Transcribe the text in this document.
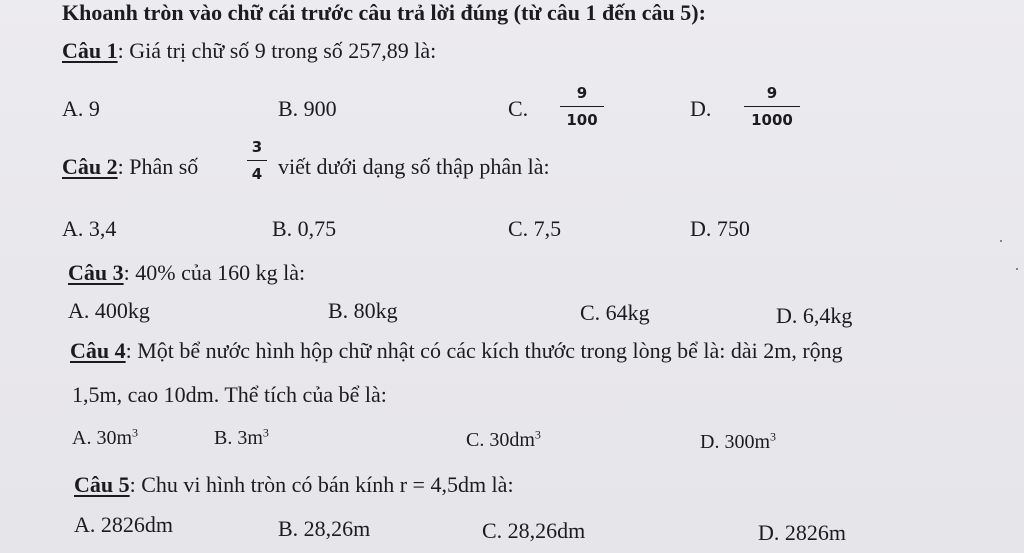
Khoanh tròn vào chữ cái trước câu trả lời đúng (từ câu 1 đến câu 5):
Câu 1: Giá trị chữ số 9 trong số 257,89 là:
A. 9	B. 900	C.
9
100	D.
9
1000
Câu 2: Phân số
3
4 viết dưới dạng số thập phân là:
A. 3,4	B. 0,75	C. 7,5	D. 750
Câu 3: 40% của 160 kg là:
A. 400kg	B. 80kg	C. 64kg	D. 6,4kg
Câu 4: Một bể nước hình hộp chữ nhật có các kích thước trong lòng bể là: dài 2m, rộng
1,5m, cao 10dm. Thể tích của bể là:
A. $30m^3$	B. $3m^3$	C. $30dm^3$	D. $300m^3$
Câu 5: Chu vi hình tròn có bán kính r = 4,5dm là:
A. 2826dm	B. 28,26m	C. 28,26dm	D. 2826m
